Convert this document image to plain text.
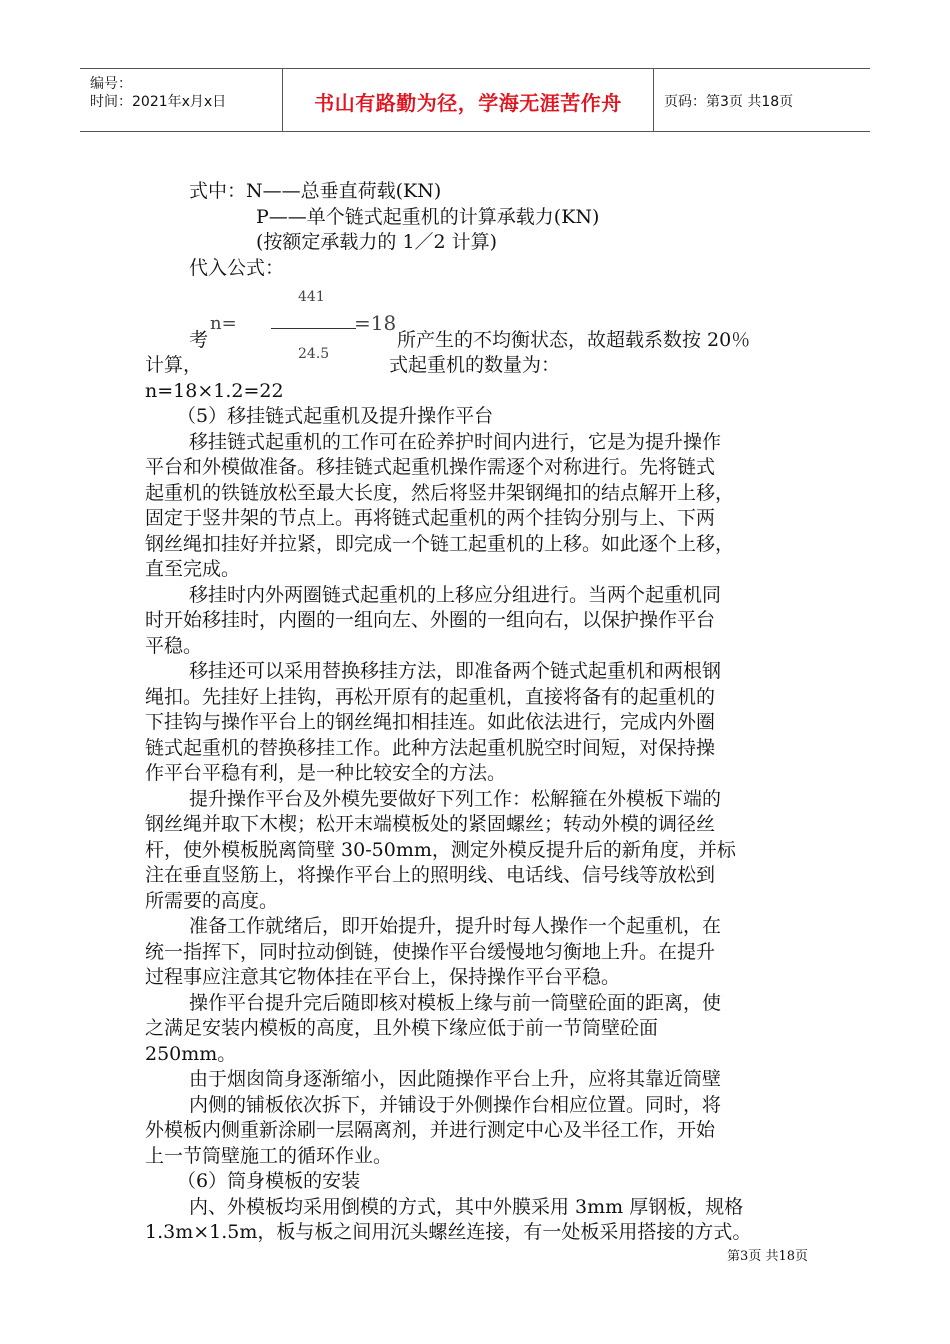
编号：
时间：2021年x月x日	书山有路勤为径，学海无涯苦作舟	页码：第3页 共18页
式中：N——总垂直荷载(KN)
P——单个链式起重机的计算承载力(KN)
(按额定承载力的 1／2 计算)
代入公式：
441
n=	=18
24.5
考	所产生的不均衡状态，故超载系数按 20％
计算，	式起重机的数量为：
n=18×1.2=22
（5）移挂链式起重机及提升操作平台
移挂链式起重机的工作可在砼养护时间内进行，它是为提升操作
平台和外模做准备。移挂链式起重机操作需逐个对称进行。先将链式
起重机的铁链放松至最大长度，然后将竖井架钢绳扣的结点解开上移，
固定于竖井架的节点上。再将链式起重机的两个挂钩分别与上、下两
钢丝绳扣挂好并拉紧，即完成一个链工起重机的上移。如此逐个上移，
直至完成。
移挂时内外两圈链式起重机的上移应分组进行。当两个起重机同
时开始移挂时，内圈的一组向左、外圈的一组向右，以保护操作平台
平稳。
移挂还可以采用替换移挂方法，即准备两个链式起重机和两根钢
绳扣。先挂好上挂钩，再松开原有的起重机，直接将备有的起重机的
下挂钩与操作平台上的钢丝绳扣相挂连。如此依法进行，完成内外圈
链式起重机的替换移挂工作。此种方法起重机脱空时间短，对保持操
作平台平稳有利，是一种比较安全的方法。
提升操作平台及外模先要做好下列工作：松解箍在外模板下端的
钢丝绳并取下木楔；松开末端模板处的紧固螺丝；转动外模的调径丝
杆，使外模板脱离筒壁 30-50mm，测定外模反提升后的新角度，并标
注在垂直竖筋上，将操作平台上的照明线、电话线、信号线等放松到
所需要的高度。
准备工作就绪后，即开始提升，提升时每人操作一个起重机，在
统一指挥下，同时拉动倒链，使操作平台缓慢地匀衡地上升。在提升
过程事应注意其它物体挂在平台上，保持操作平台平稳。
操作平台提升完后随即核对模板上缘与前一筒壁砼面的距离，使
之满足安装内模板的高度，且外模下缘应低于前一节筒壁砼面
250mm。
由于烟囱筒身逐渐缩小，因此随操作平台上升，应将其靠近筒壁
内侧的铺板依次拆下，并铺设于外侧操作台相应位置。同时，将
外模板内侧重新涂刷一层隔离剂，并进行测定中心及半径工作，开始
上一节筒壁施工的循环作业。
（6）筒身模板的安装
内、外模板均采用倒模的方式，其中外膜采用 3mm 厚钢板，规格
1.3m×1.5m，板与板之间用沉头螺丝连接，有一处板采用搭接的方式。
第3页 共18页
